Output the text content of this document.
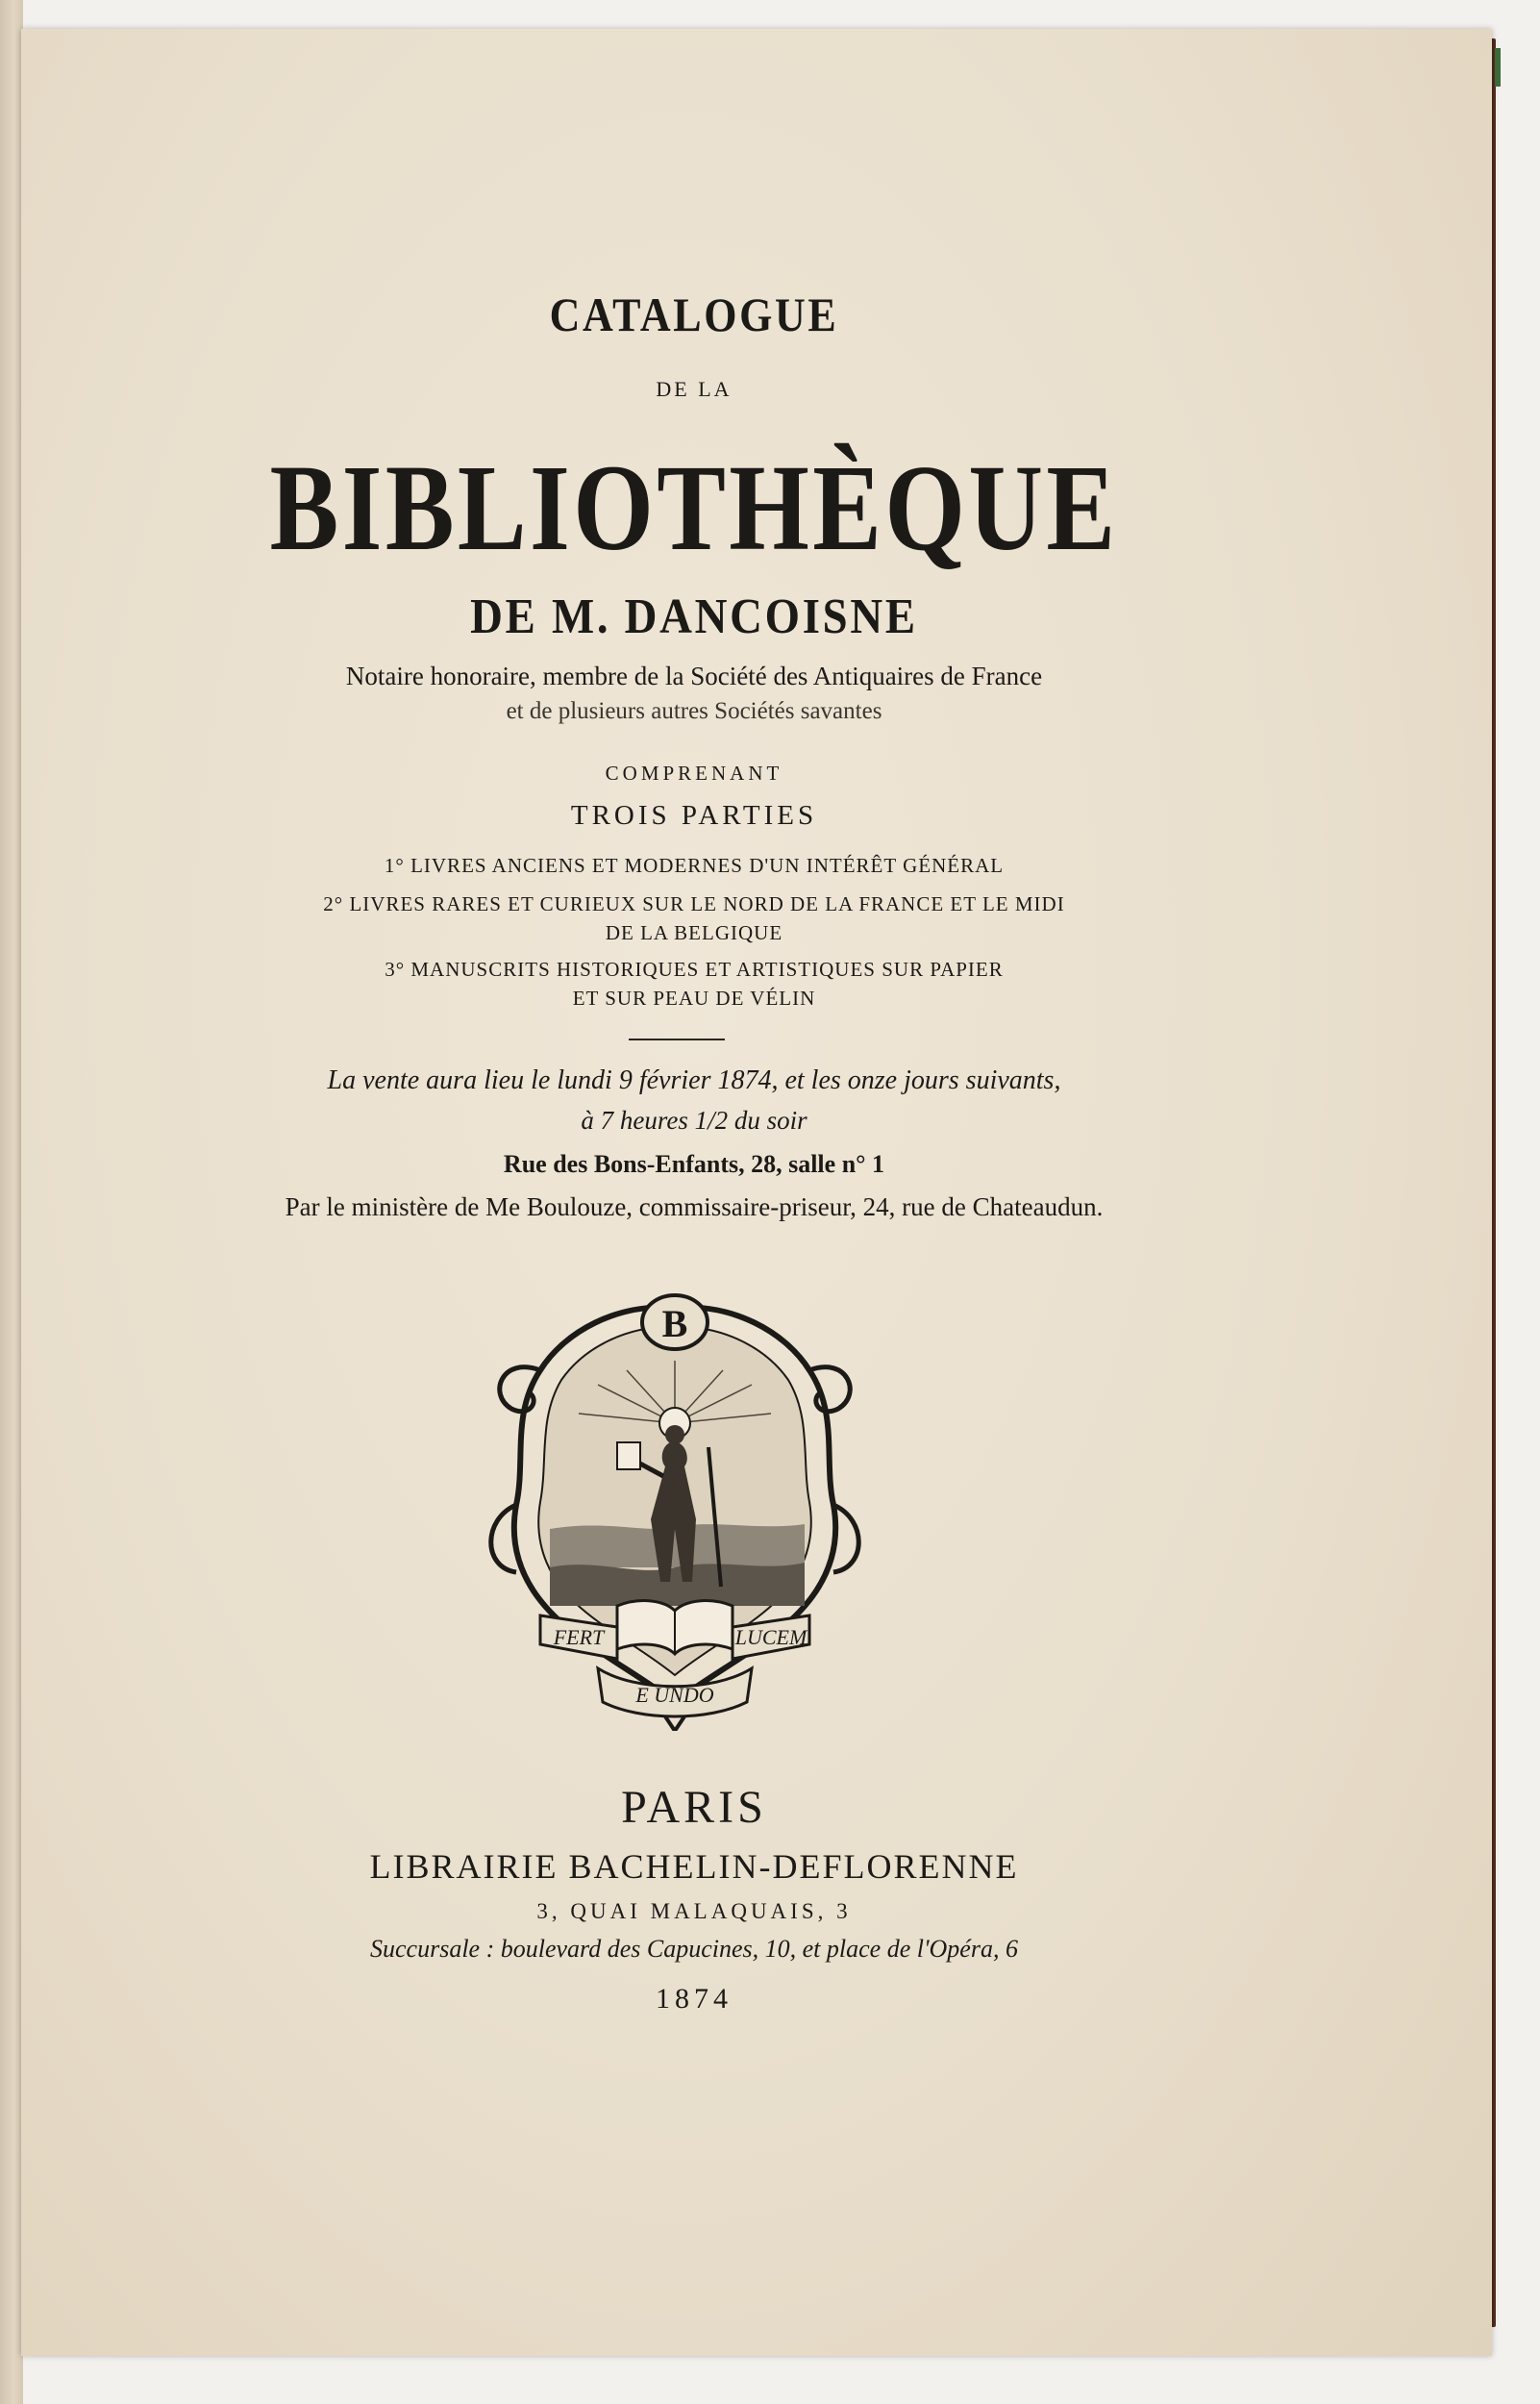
CATALOGUE
DE LA
BIBLIOTHÈQUE
DE M. DANCOISNE
Notaire honoraire, membre de la Société des Antiquaires de France
et de plusieurs autres Sociétés savantes
COMPRENANT
TROIS PARTIES
1° LIVRES ANCIENS ET MODERNES D'UN INTÉRÊT GÉNÉRAL
2° LIVRES RARES ET CURIEUX SUR LE NORD DE LA FRANCE ET LE MIDI
DE LA BELGIQUE
3° MANUSCRITS HISTORIQUES ET ARTISTIQUES SUR PAPIER
ET SUR PEAU DE VÉLIN
La vente aura lieu le lundi 9 février 1874, et les onze jours suivants,
à 7 heures 1/2 du soir
Rue des Bons-Enfants, 28, salle n° 1
Par le ministère de Me Boulouze, commissaire-priseur, 24, rue de Chateaudun.
B
FERT	LUCEM
E UNDO
PARIS
LIBRAIRIE BACHELIN-DEFLORENNE
3, QUAI MALAQUAIS, 3
Succursale : boulevard des Capucines, 10, et place de l'Opéra, 6
1874
